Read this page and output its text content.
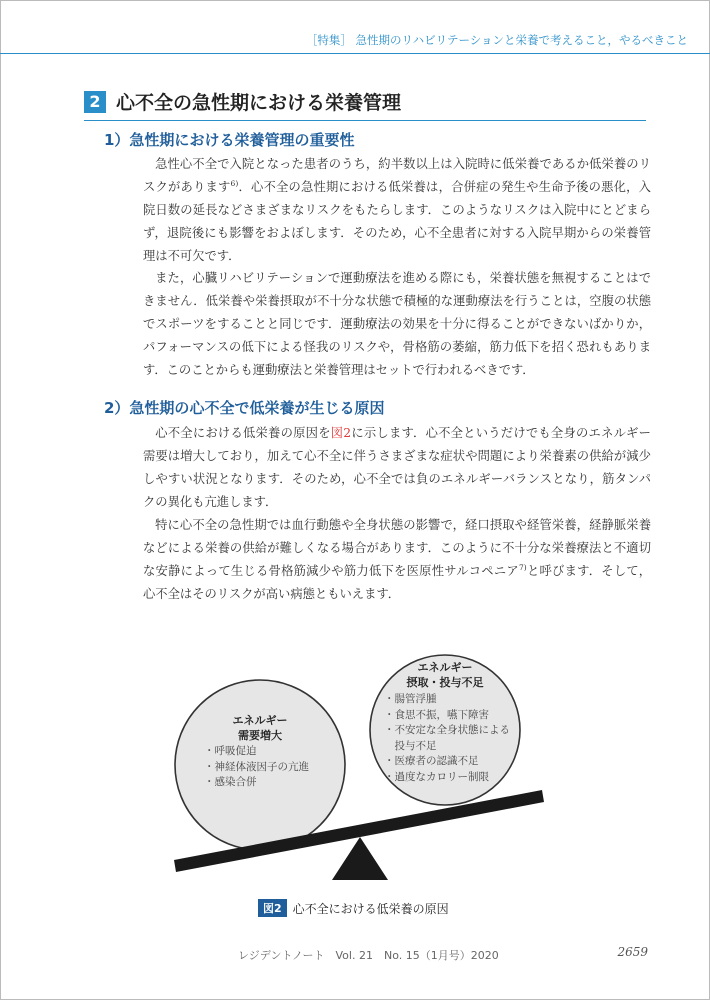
［特集］ 急性期のリハビリテーションと栄養で考えること，やるべきこと
2 心不全の急性期における栄養管理
1）急性期における栄養管理の重要性
急性心不全で入院となった患者のうち，約半数以上は入院時に低栄養であるか低栄養のリスクがあります$^{6)}$．心不全の急性期における低栄養は，合併症の発生や生命予後の悪化，入院日数の延長などさまざまなリスクをもたらします．このようなリスクは入院中にとどまらず，退院後にも影響をおよぼします．そのため，心不全患者に対する入院早期からの栄養管理は不可欠です．
また，心臓リハビリテーションで運動療法を進める際にも，栄養状態を無視することはできません．低栄養や栄養摂取が不十分な状態で積極的な運動療法を行うことは，空腹の状態でスポーツをすることと同じです．運動療法の効果を十分に得ることができないばかりか，パフォーマンスの低下による怪我のリスクや，骨格筋の萎縮，筋力低下を招く恐れもあります．このことからも運動療法と栄養管理はセットで行われるべきです．
2）急性期の心不全で低栄養が生じる原因
心不全における低栄養の原因を図2に示します．心不全というだけでも全身のエネルギー需要は増大しており，加えて心不全に伴うさまざまな症状や問題により栄養素の供給が減少しやすい状況となります．そのため，心不全では負のエネルギーバランスとなり，筋タンパクの異化も亢進します．
特に心不全の急性期では血行動態や全身状態の影響で，経口摂取や経管栄養，経静脈栄養などによる栄養の供給が難しくなる場合があります．このように不十分な栄養療法と不適切な安静によって生じる骨格筋減少や筋力低下を医原性サルコペニア$^{7)}$と呼びます．そして，心不全はそのリスクが高い病態ともいえます．
エネルギー
需要増大
・呼吸促迫
・神経体液因子の亢進
・感染合併
エネルギー
摂取・投与不足
・腸管浮腫
・食思不振，嚥下障害
・不安定な全身状態による
　投与不足
・医療者の認識不足
・過度なカロリー制限
図2 心不全における低栄養の原因
レジデントノート　Vol. 21　No. 15（1月号）2020	2659
